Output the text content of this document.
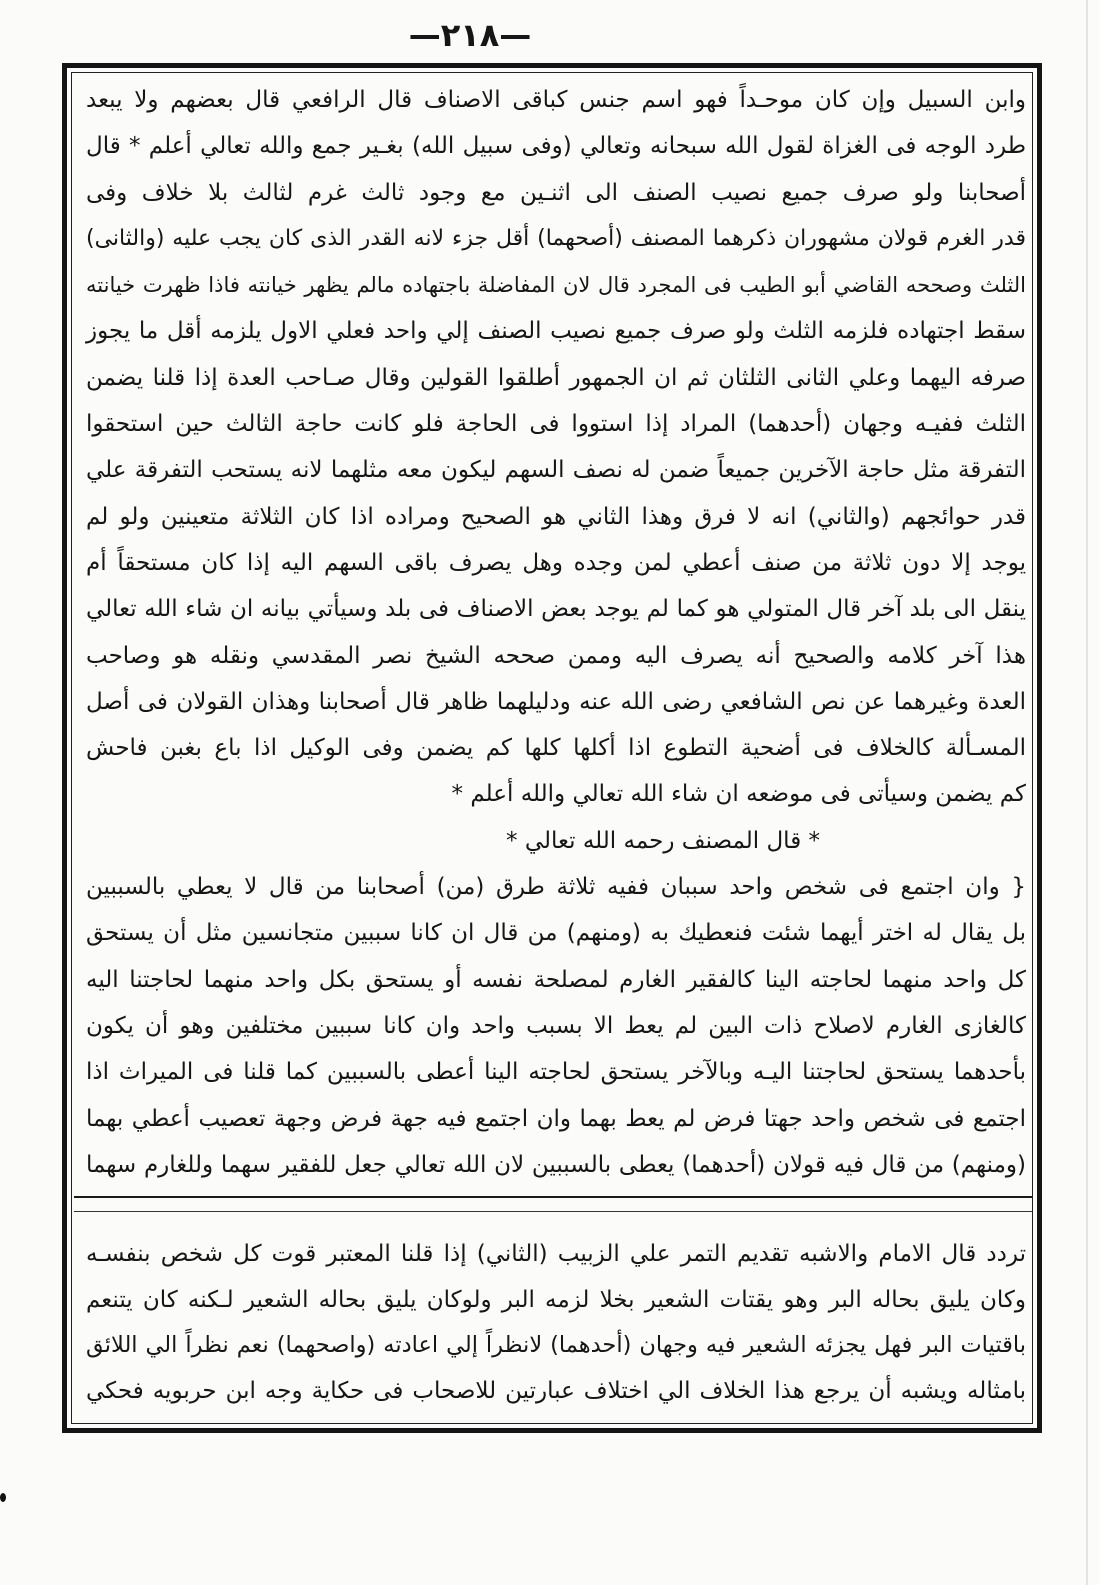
—٢١٨—
وابن السبيل وإن كان موحـداً فهو اسم جنس كباقى الاصناف قال الرافعي قال بعضهم ولا يبعد
طرد الوجه فى الغزاة لقول الله سبحانه وتعالي (وفى سبيل الله) بغـير جمع والله تعالي أعلم * قال
أصحابنا ولو صرف جميع نصيب الصنف الى اثنـين مع وجود ثالث غرم لثالث بلا خلاف وفى
قدر الغرم قولان مشهوران ذكرهما المصنف (أصحهما) أقل جزء لانه القدر الذى كان يجب عليه (والثانى)
الثلث وصححه القاضي أبو الطيب فى المجرد قال لان المفاضلة باجتهاده مالم يظهر خيانته فاذا ظهرت خيانته
سقط اجتهاده فلزمه الثلث ولو صرف جميع نصيب الصنف إلي واحد فعلي الاول يلزمه أقل ما يجوز
صرفه اليهما وعلي الثانى الثلثان ثم ان الجمهور أطلقوا القولين وقال صـاحب العدة إذا قلنا يضمن
الثلث ففيـه وجهان (أحدهما) المراد إذا استووا فى الحاجة فلو كانت حاجة الثالث حين استحقوا
التفرقة مثل حاجة الآخرين جميعاً ضمن له نصف السهم ليكون معه مثلهما لانه يستحب التفرقة علي
قدر حوائجهم (والثاني) انه لا فرق وهذا الثاني هو الصحيح ومراده اذا كان الثلاثة متعينين ولو لم
يوجد إلا دون ثلاثة من صنف أعطي لمن وجده وهل يصرف باقى السهم اليه إذا كان مستحقاً أم
ينقل الى بلد آخر قال المتولي هو كما لم يوجد بعض الاصناف فى بلد وسيأتي بيانه ان شاء الله تعالي
هذا آخر كلامه والصحيح أنه يصرف اليه وممن صححه الشيخ نصر المقدسي ونقله هو وصاحب
العدة وغيرهما عن نص الشافعي رضى الله عنه ودليلهما ظاهر قال أصحابنا وهذان القولان فى أصل
المسـألة كالخلاف فى أضحية التطوع اذا أكلها كلها كم يضمن وفى الوكيل اذا باع بغبن فاحش
كم يضمن وسيأتى فى موضعه ان شاء الله تعالي والله أعلم *
* قال المصنف رحمه الله تعالي *
{ وان اجتمع فى شخص واحد سببان ففيه ثلاثة طرق (من) أصحابنا من قال لا يعطي بالسببين
بل يقال له اختر أيهما شئت فنعطيك به (ومنهم) من قال ان كانا سببين متجانسين مثل أن يستحق
كل واحد منهما لحاجته الينا كالفقير الغارم لمصلحة نفسه أو يستحق بكل واحد منهما لحاجتنا اليه
كالغازى الغارم لاصلاح ذات البين لم يعط الا بسبب واحد وان كانا سببين مختلفين وهو أن يكون
بأحدهما يستحق لحاجتنا اليـه وبالآخر يستحق لحاجته الينا أعطى بالسببين كما قلنا فى الميراث اذا
اجتمع فى شخص واحد جهتا فرض لم يعط بهما وان اجتمع فيه جهة فرض وجهة تعصيب أعطي بهما
(ومنهم) من قال فيه قولان (أحدهما) يعطى بالسببين لان الله تعالي جعل للفقير سهما وللغارم سهما
تردد قال الامام والاشبه تقديم التمر علي الزبيب (الثاني) إذا قلنا المعتبر قوت كل شخص بنفسـه
وكان يليق بحاله البر وهو يقتات الشعير بخلا لزمه البر ولوكان يليق بحاله الشعير لـكنه كان يتنعم
باقتيات البر فهل يجزئه الشعير فيه وجهان (أحدهما) لانظراً إلي اعادته (واصحهما) نعم نظراً الي اللائق
بامثاله ويشبه أن يرجع هذا الخلاف الي اختلاف عبارتين للاصحاب فى حكاية وجه ابن حربويه فحكي
